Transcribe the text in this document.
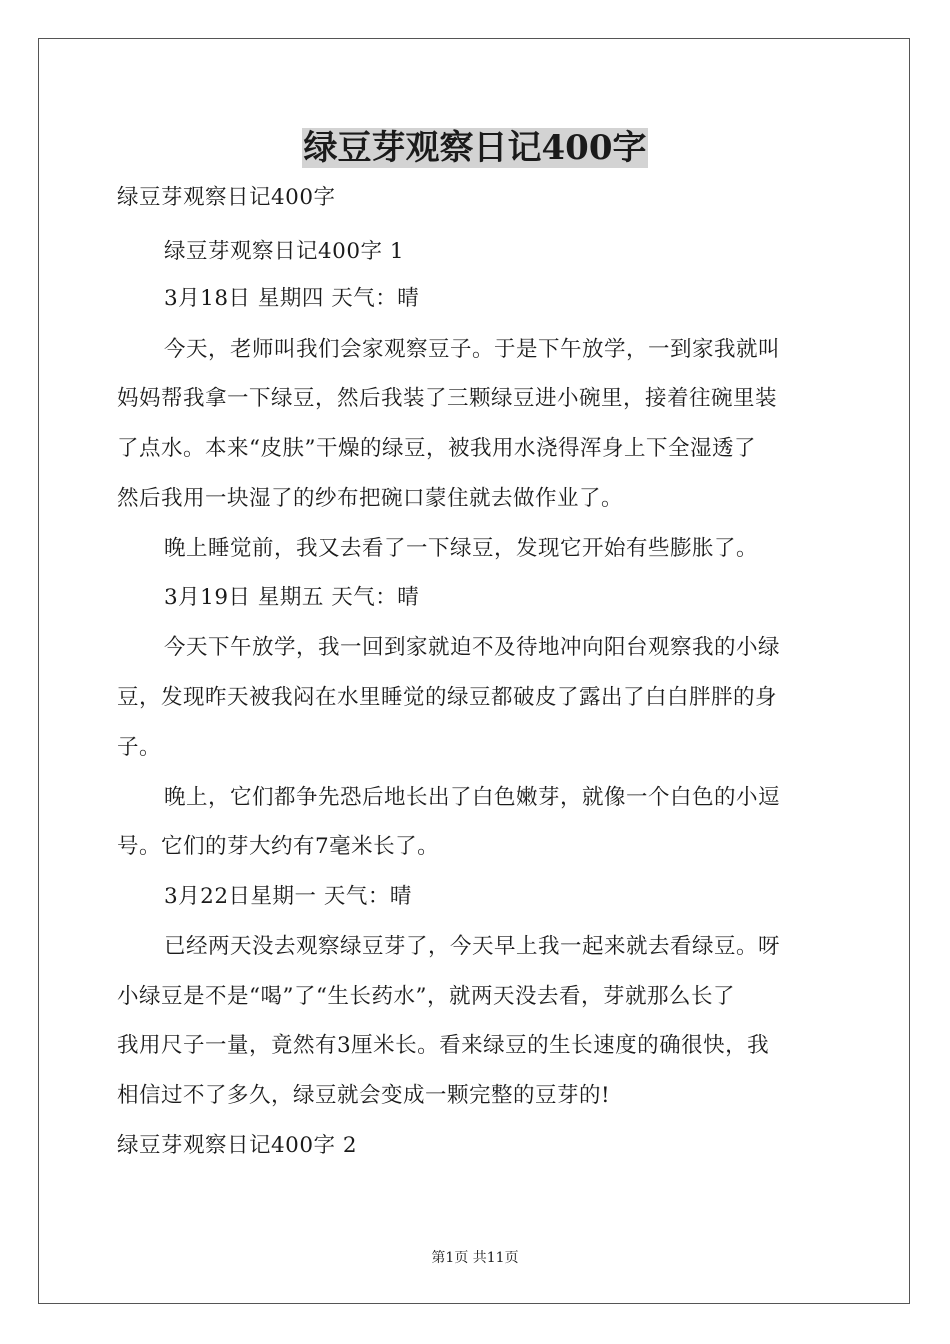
绿豆芽观察日记400字
绿豆芽观察日记400字
绿豆芽观察日记400字 1
3月18日 星期四 天气：晴
今天，老师叫我们会家观察豆子。于是下午放学，一到家我就叫
妈妈帮我拿一下绿豆，然后我装了三颗绿豆进小碗里，接着往碗里装
了点水。本来“皮肤”干燥的绿豆，被我用水浇得浑身上下全湿透了
然后我用一块湿了的纱布把碗口蒙住就去做作业了。
晚上睡觉前，我又去看了一下绿豆，发现它开始有些膨胀了。
3月19日 星期五 天气：晴
今天下午放学，我一回到家就迫不及待地冲向阳台观察我的小绿
豆，发现昨天被我闷在水里睡觉的绿豆都破皮了露出了白白胖胖的身
子。
晚上，它们都争先恐后地长出了白色嫩芽，就像一个白色的小逗
号。它们的芽大约有7毫米长了。
3月22日星期一 天气：晴
已经两天没去观察绿豆芽了，今天早上我一起来就去看绿豆。呀
小绿豆是不是“喝”了“生长药水”，就两天没去看，芽就那么长了
我用尺子一量，竟然有3厘米长。看来绿豆的生长速度的确很快，我
相信过不了多久，绿豆就会变成一颗完整的豆芽的!
绿豆芽观察日记400字 2
第1页 共11页
